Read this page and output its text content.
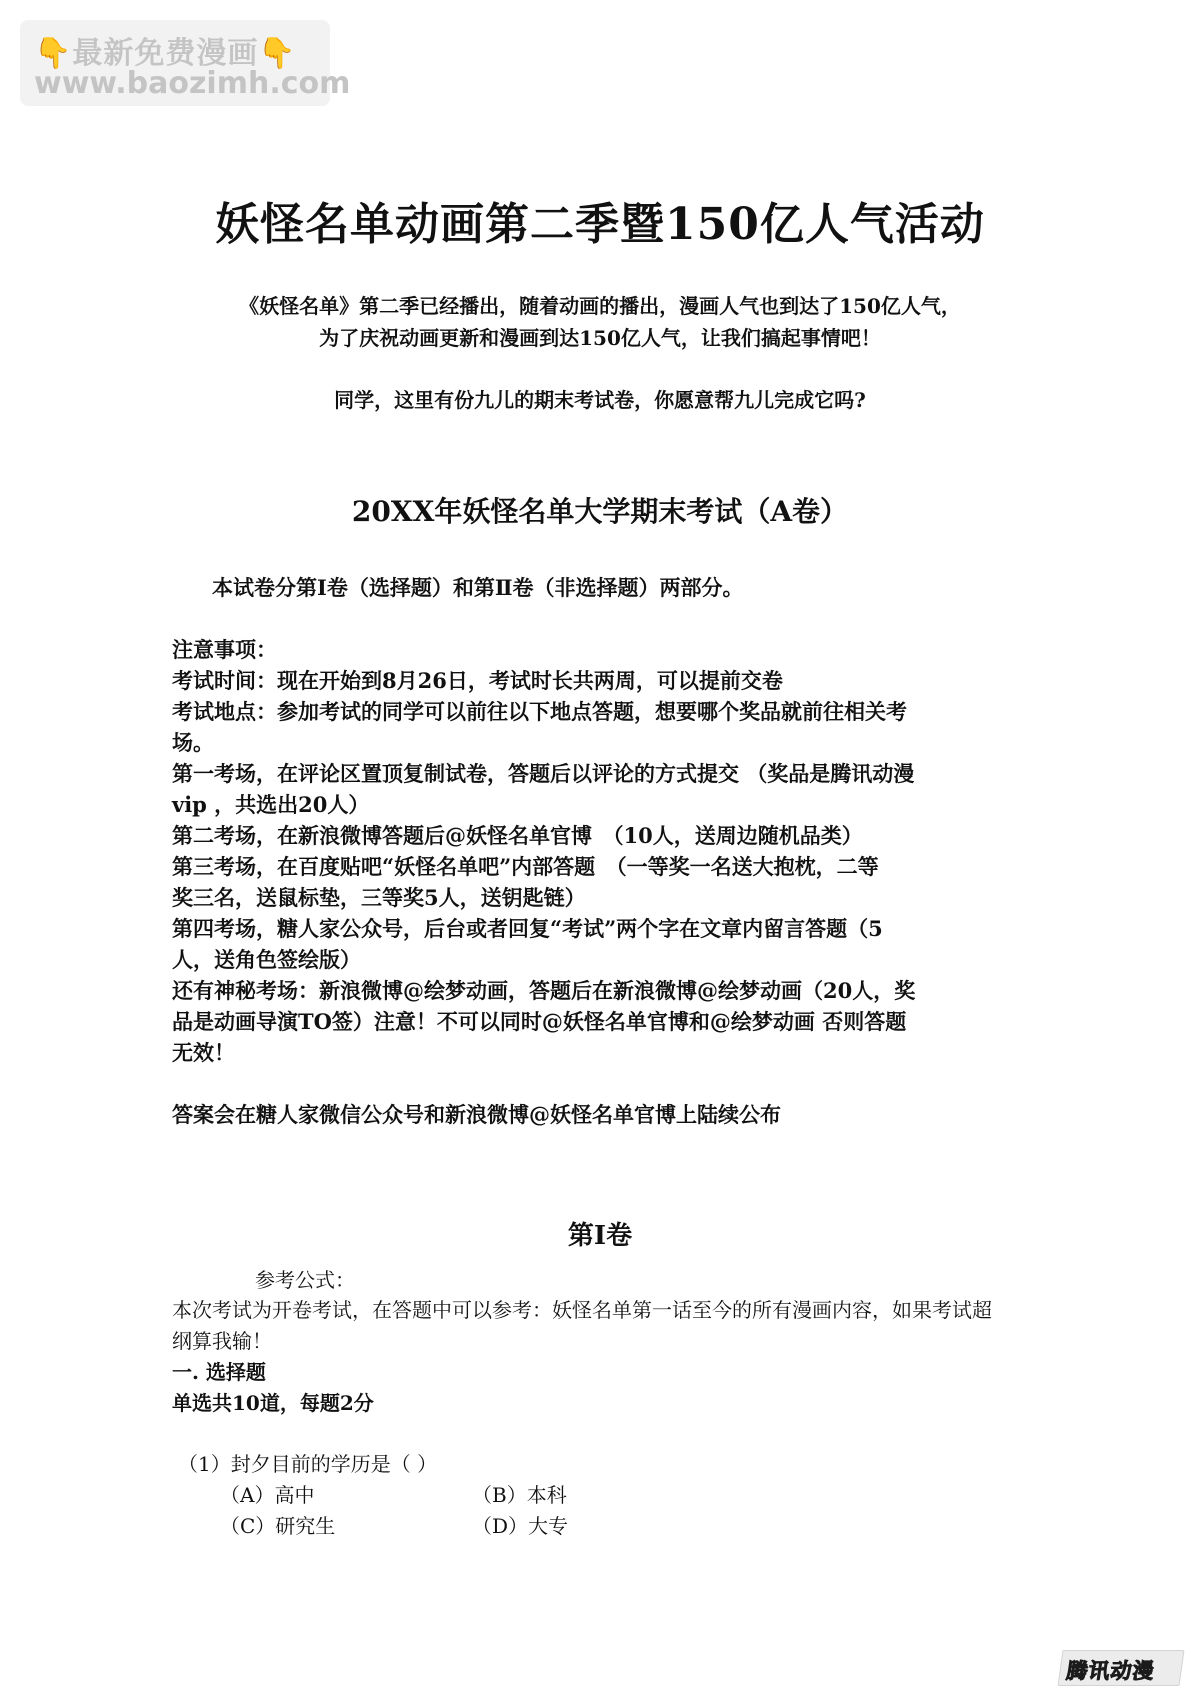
👇最新免费漫画👇
www.baozimh.com
妖怪名单动画第二季暨150亿人气活动
《妖怪名单》第二季已经播出，随着动画的播出，漫画人气也到达了150亿人气，
为了庆祝动画更新和漫画到达150亿人气，让我们搞起事情吧！
同学，这里有份九儿的期末考试卷，你愿意帮九儿完成它吗?
20XX年妖怪名单大学期末考试（A卷）
本试卷分第Ⅰ卷（选择题）和第Ⅱ卷（非选择题）两部分。
注意事项：
考试时间：现在开始到8月26日，考试时长共两周，可以提前交卷
考试地点：参加考试的同学可以前往以下地点答题，想要哪个奖品就前往相关考
场。
第一考场，在评论区置顶复制试卷，答题后以评论的方式提交 （奖品是腾讯动漫
vip ，共选出20人）
第二考场，在新浪微博答题后@妖怪名单官博　（10人，送周边随机品类）
第三考场，在百度贴吧“妖怪名单吧”内部答题　（一等奖一名送大抱枕，二等
奖三名，送鼠标垫，三等奖5人，送钥匙链）
第四考场，糖人家公众号，后台或者回复“考试”两个字在文章内留言答题（5
人，送角色签绘版）
还有神秘考场：新浪微博@绘梦动画，答题后在新浪微博@绘梦动画（20人，奖
品是动画导演TO签）注意！不可以同时@妖怪名单官博和@绘梦动画 否则答题
无效！
答案会在糖人家微信公众号和新浪微博@妖怪名单官博上陆续公布
第Ⅰ卷
参考公式：
本次考试为开卷考试，在答题中可以参考：妖怪名单第一话至今的所有漫画内容，如果考试超
纲算我输！
一. 选择题
单选共10道，每题2分
（1）封夕目前的学历是（ ）
（A）高中	（B）本科
（C）研究生	（D）大专
腾讯动漫
